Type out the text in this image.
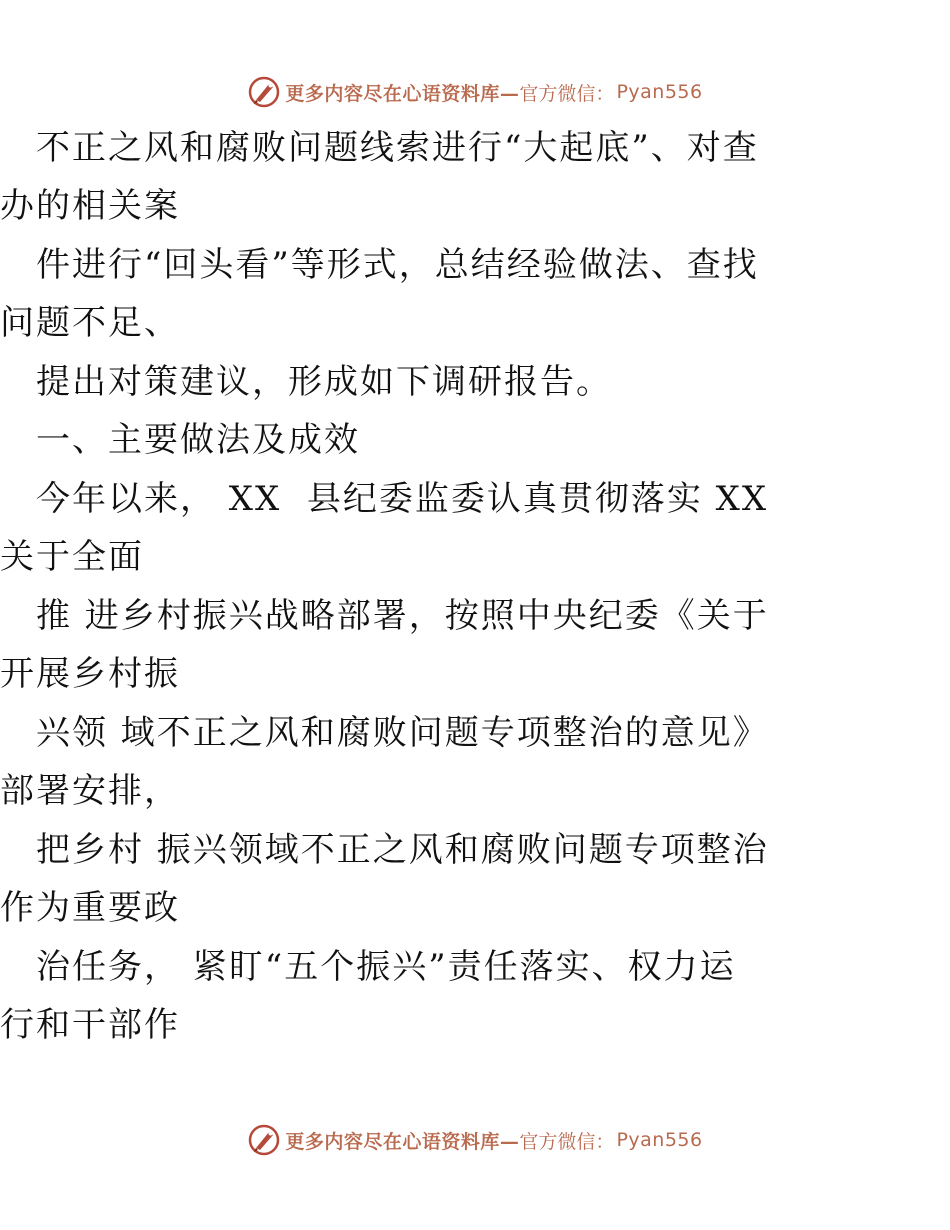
更多内容尽在心语资料库— 官方微信： Pyan556
　不正之风和腐败问题线索进行“大起底”、对查
办的相关案
　件进行“回头看”等形式，总结经验做法、查找
问题不足、
　提出对策建议，形成如下调研报告。
　一、主要做法及成效
　今年以来， XX  县纪委监委认真贯彻落实 XX
关于全面
　推 进乡村振兴战略部署，按照中央纪委《关于
开展乡村振
　兴领 域不正之风和腐败问题专项整治的意见》
部署安排，
　把乡村 振兴领域不正之风和腐败问题专项整治
作为重要政
　治任务， 紧盯“五个振兴”责任落实、权力运
行和干部作
更多内容尽在心语资料库— 官方微信： Pyan556
